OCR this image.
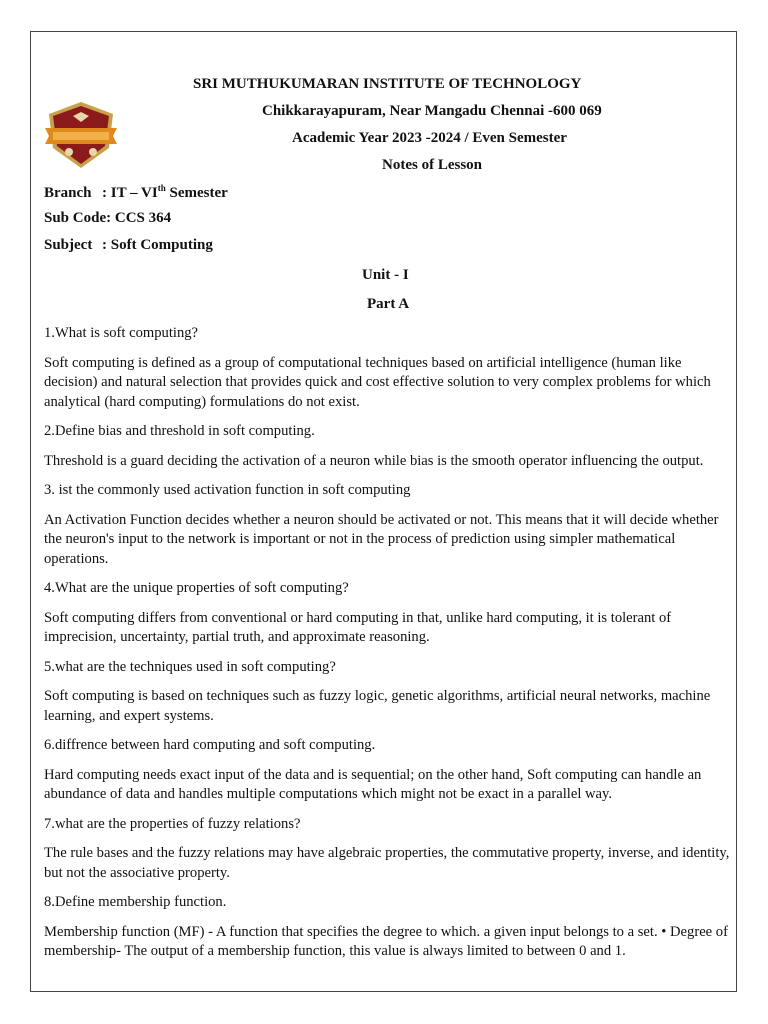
SRI MUTHUKUMARAN INSTITUTE OF TECHNOLOGY
Chikkarayapuram, Near Mangadu Chennai -600 069
Academic Year 2023 -2024 / Even Semester
Notes of Lesson
Branch : IT – VIth Semester
Sub Code: CCS 364
Subject : Soft Computing
Unit - I
Part A

1.What is soft computing?

Soft computing is defined as a group of computational techniques based on artificial intelligence (human like decision) and natural selection that provides quick and cost effective solution to very complex problems for which analytical (hard computing) formulations do not exist.

2.Define bias and threshold in soft computing.

Threshold is a guard deciding the activation of a neuron while bias is the smooth operator influencing the output.

3. ist the commonly used activation function in soft computing

An Activation Function decides whether a neuron should be activated or not. This means that it will decide whether the neuron's input to the network is important or not in the process of prediction using simpler mathematical operations.

4.What are the unique properties of soft computing?

Soft computing differs from conventional or hard computing in that, unlike hard computing, it is tolerant of imprecision, uncertainty, partial truth, and approximate reasoning.

5.what are the techniques used in soft computing?

Soft computing is based on techniques such as fuzzy logic, genetic algorithms, artificial neural networks, machine learning, and expert systems.

6.diffrence between hard computing and soft computing.

Hard computing needs exact input of the data and is sequential; on the other hand, Soft computing can handle an abundance of data and handles multiple computations which might not be exact in a parallel way.

7.what are the properties of fuzzy relations?

The rule bases and the fuzzy relations may have algebraic properties, the commutative property, inverse, and identity, but not the associative property.

8.Define membership function.

Membership function (MF) - A function that specifies the degree to which. a given input belongs to a set. • Degree of membership- The output of a membership function, this value is always limited to between 0 and 1.
